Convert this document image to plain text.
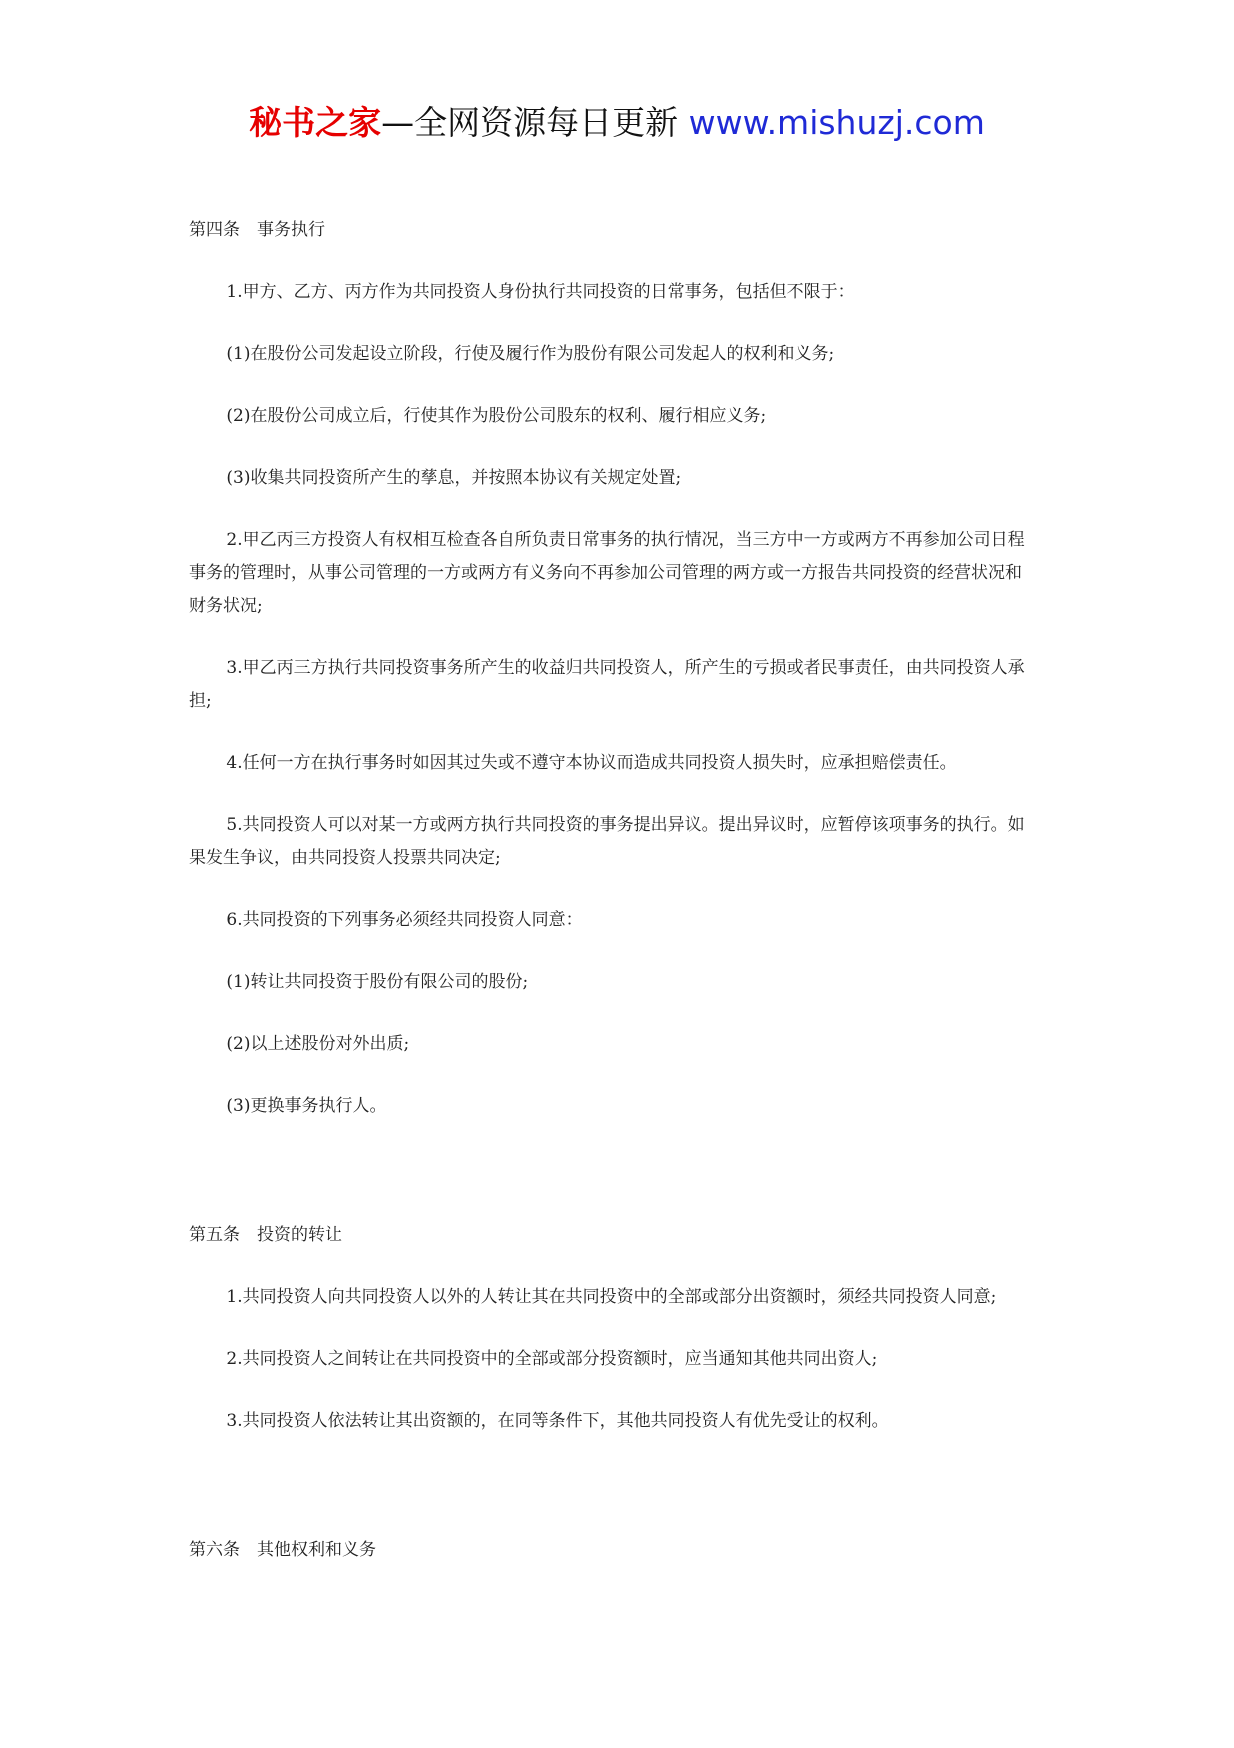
秘书之家—全网资源每日更新 www.mishuzj.com

第四条　事务执行

1.甲方、乙方、丙方作为共同投资人身份执行共同投资的日常事务，包括但不限于：

(1)在股份公司发起设立阶段，行使及履行作为股份有限公司发起人的权利和义务;

(2)在股份公司成立后，行使其作为股份公司股东的权利、履行相应义务;

(3)收集共同投资所产生的孳息，并按照本协议有关规定处置;

2.甲乙丙三方投资人有权相互检查各自所负责日常事务的执行情况，当三方中一方或两方不再参加公司日程事务的管理时，从事公司管理的一方或两方有义务向不再参加公司管理的两方或一方报告共同投资的经营状况和财务状况;

3.甲乙丙三方执行共同投资事务所产生的收益归共同投资人，所产生的亏损或者民事责任，由共同投资人承担;

4.任何一方在执行事务时如因其过失或不遵守本协议而造成共同投资人损失时，应承担赔偿责任。

5.共同投资人可以对某一方或两方执行共同投资的事务提出异议。提出异议时，应暂停该项事务的执行。如果发生争议，由共同投资人投票共同决定;

6.共同投资的下列事务必须经共同投资人同意：

(1)转让共同投资于股份有限公司的股份;

(2)以上述股份对外出质;

(3)更换事务执行人。

第五条　投资的转让

1.共同投资人向共同投资人以外的人转让其在共同投资中的全部或部分出资额时，须经共同投资人同意;

2.共同投资人之间转让在共同投资中的全部或部分投资额时，应当通知其他共同出资人;

3.共同投资人依法转让其出资额的，在同等条件下，其他共同投资人有优先受让的权利。

第六条　其他权利和义务
